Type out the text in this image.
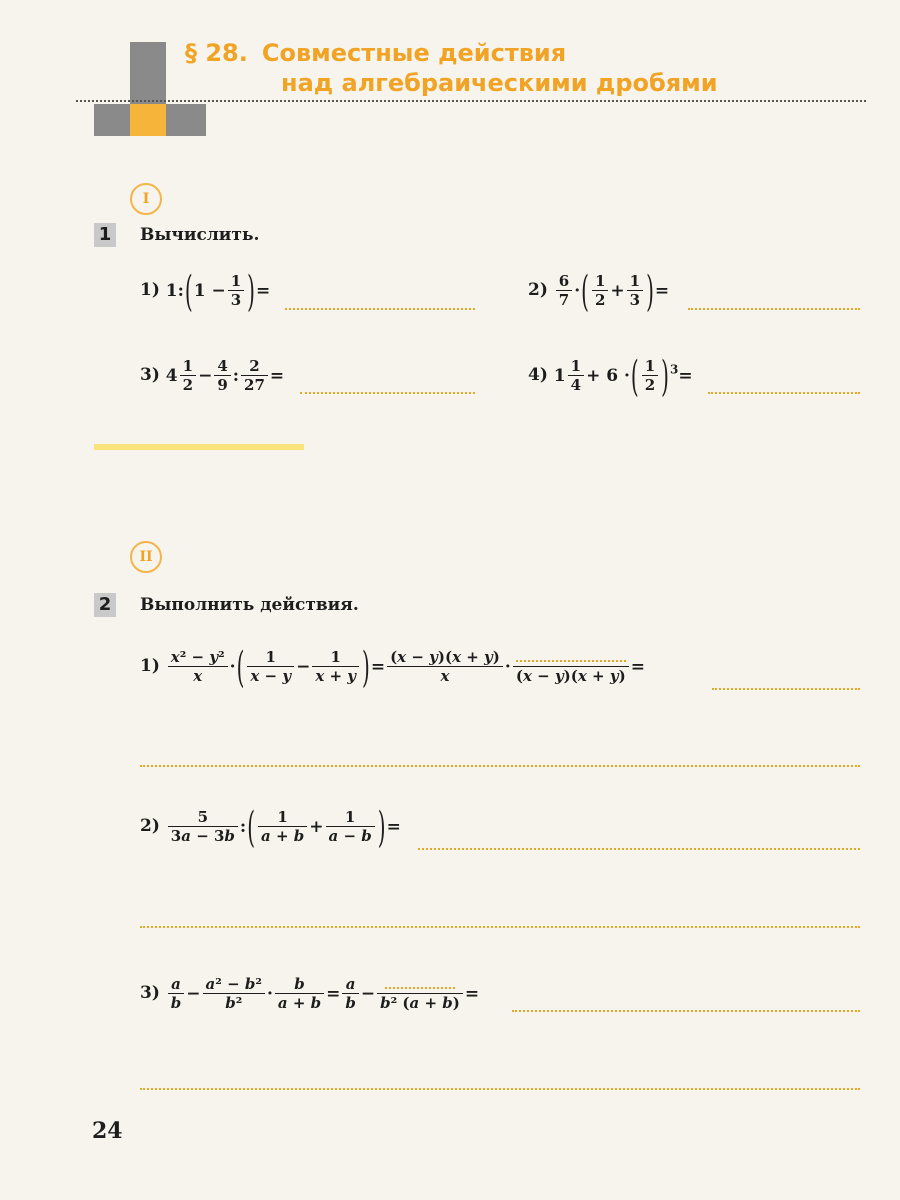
§ 28. Совместные действия
над алгебраическими дробями
I
1 Вычислить.
1) 1:(1 − $\frac{1}{3}$ )=	$2) \frac{6}{7}$ ·( $\frac{1}{2} + \frac{1}{3}$ )=
3) $4 \frac{1}{2} - \frac{4}{9}$ : $\frac{2}{27}$ =	4) $1 \frac{1}{4} + 6$ ·( $\frac{1}{2} )^3=$
II
2 Выполнить действия.
$1) \frac{\text{x² − y²}}{x}$ ·( $\frac{1}{x - y} - \frac{1}{x + y}$ )= $\frac{(x - y)(x + y)}{x} \cdot (x - y)(x + y)$ =
$2) \frac{5}{3a - 3b}$ :( $\frac{1}{a + b} + \frac{1}{a - b}$ )=
$3) \frac{a}{b} - \frac{\text{a² − b²}}{\text{b²}} \cdot \frac{b}{a + b} = \frac{a}{b} - b^2$ (a + b) =
24
